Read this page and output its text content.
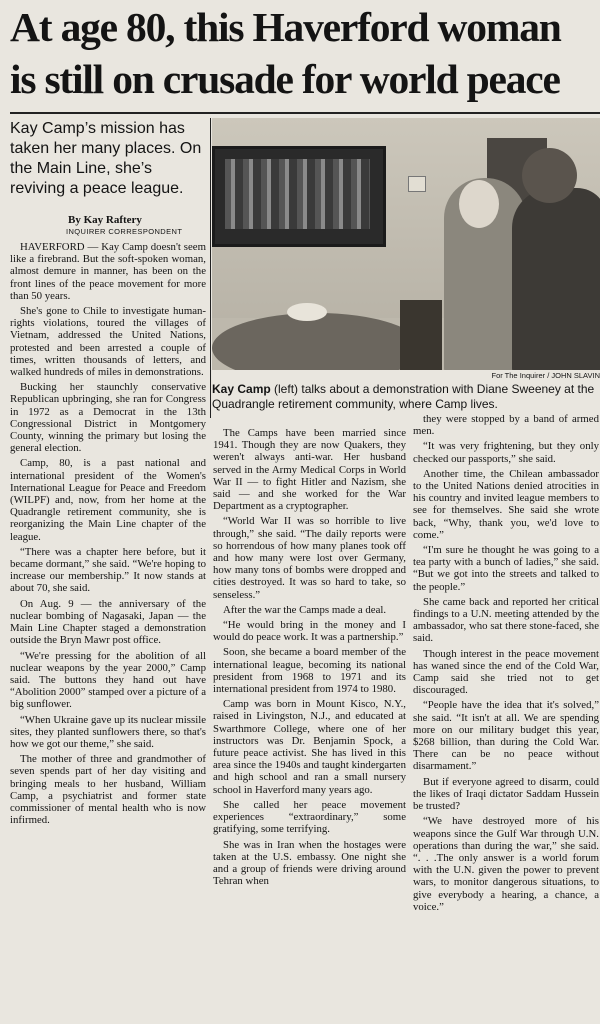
At age 80, this Haverford woman
is still on crusade for world peace
Kay Camp’s mission has taken her many places. On the Main Line, she’s reviving a peace league.
By Kay Raftery
INQUIRER CORRESPONDENT
For The Inquirer / JOHN SLAVIN
Kay Camp (left) talks about a demonstration with Diane Sweeney at the Quadrangle retirement community, where Camp lives.

HAVERFORD — Kay Camp doesn't seem like a firebrand. But the soft-spoken woman, almost demure in manner, has been on the front lines of the peace movement for more than 50 years.

She's gone to Chile to investigate human-rights violations, toured the villages of Vietnam, addressed the United Nations, protested and been arrested a couple of times, written thousands of letters, and walked hundreds of miles in demonstrations.

Bucking her staunchly conservative Republican upbringing, she ran for Congress in 1972 as a Democrat in the 13th Congressional District in Montgomery County, winning the primary but losing the general election.

Camp, 80, is a past national and international president of the Women's International League for Peace and Freedom (WILPF) and, now, from her home at the Quadrangle retirement community, she is reorganizing the Main Line chapter of the league.

“There was a chapter here before, but it became dormant,” she said. “We're hoping to increase our membership.” It now stands at about 70, she said.

On Aug. 9 — the anniversary of the nuclear bombing of Nagasaki, Japan — the Main Line Chapter staged a demonstration outside the Bryn Mawr post office.

“We're pressing for the abolition of all nuclear weapons by the year 2000,” Camp said. The buttons they hand out have “Abolition 2000” stamped over a picture of a big sunflower.

“When Ukraine gave up its nuclear missile sites, they planted sunflowers there, so that's how we got our theme,” she said.

The mother of three and grandmother of seven spends part of her day visiting and bringing meals to her husband, William Camp, a psychiatrist and former state commissioner of mental health who is now infirmed.

The Camps have been married since 1941. Though they are now Quakers, they weren't always anti-war. Her husband served in the Army Medical Corps in World War II — to fight Hitler and Nazism, she said — and she worked for the War Department as a cryptographer.

“World War II was so horrible to live through,” she said. “The daily reports were so horrendous of how many planes took off and how many were lost over Germany, how many tons of bombs were dropped and cities destroyed. It was so hard to take, so senseless.”

After the war the Camps made a deal.

“He would bring in the money and I would do peace work. It was a partnership.”

Soon, she became a board member of the international league, becoming its national president from 1968 to 1971 and its international president from 1974 to 1980.

Camp was born in Mount Kisco, N.Y., raised in Livingston, N.J., and educated at Swarthmore College, where one of her instructors was Dr. Benjamin Spock, a future peace activist. She has lived in this area since the 1940s and taught kindergarten and high school and ran a small nursery school in Haverford many years ago.

She called her peace movement experiences “extraordinary,” some gratifying, some terrifying.

She was in Iran when the hostages were taken at the U.S. embassy. One night she and a group of friends were driving around Tehran when

they were stopped by a band of armed men.

“It was very frightening, but they only checked our passports,” she said.

Another time, the Chilean ambassador to the United Nations denied atrocities in his country and invited league members to see for themselves. She said she wrote back, “Why, thank you, we'd love to come.”

“I'm sure he thought he was going to a tea party with a bunch of ladies,” she said. “But we got into the streets and talked to the people.”

She came back and reported her critical findings to a U.N. meeting attended by the ambassador, who sat there stone-faced, she said.

Though interest in the peace movement has waned since the end of the Cold War, Camp said she tried not to get discouraged.

“People have the idea that it's solved,” she said. “It isn't at all. We are spending more on our military budget this year, $268 billion, than during the Cold War. There can be no peace without disarmament.”

But if everyone agreed to disarm, could the likes of Iraqi dictator Saddam Hussein be trusted?

“We have destroyed more of his weapons since the Gulf War through U.N. operations than during the war,” she said. “. . .The only answer is a world forum with the U.N. given the power to prevent wars, to monitor dangerous situations, to give everybody a hearing, a chance, a voice.”
